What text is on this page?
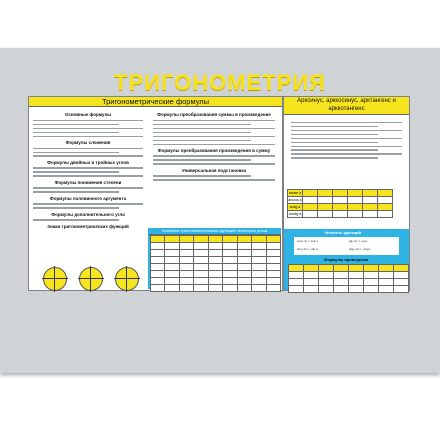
ТРИГОНОМЕТРИЯ
Тригонометрические формулы
Основные формулы
Формулы сложения
Формулы двойных и тройных углов
Формулы понижения степени
Формулы половинного аргумента
Формулы дополнительного угла
Знаки тригонометрических функций
Формулы преобразования суммы в произведение
Формулы преобразования произведения в сумму
Универсальная подстановка
Значения тригонометрических функций некоторых углов

Арксинус, арккосинус, арктангенс и арккотангенс
arcsin a						
arccos a						
arctg a						
arcctg a						
Четность функций
cos(−α) = cos α	tg(−α) = −tg α
sin(−α) = −sin α	ctg(−α) = −ctg α
Формулы приведения
